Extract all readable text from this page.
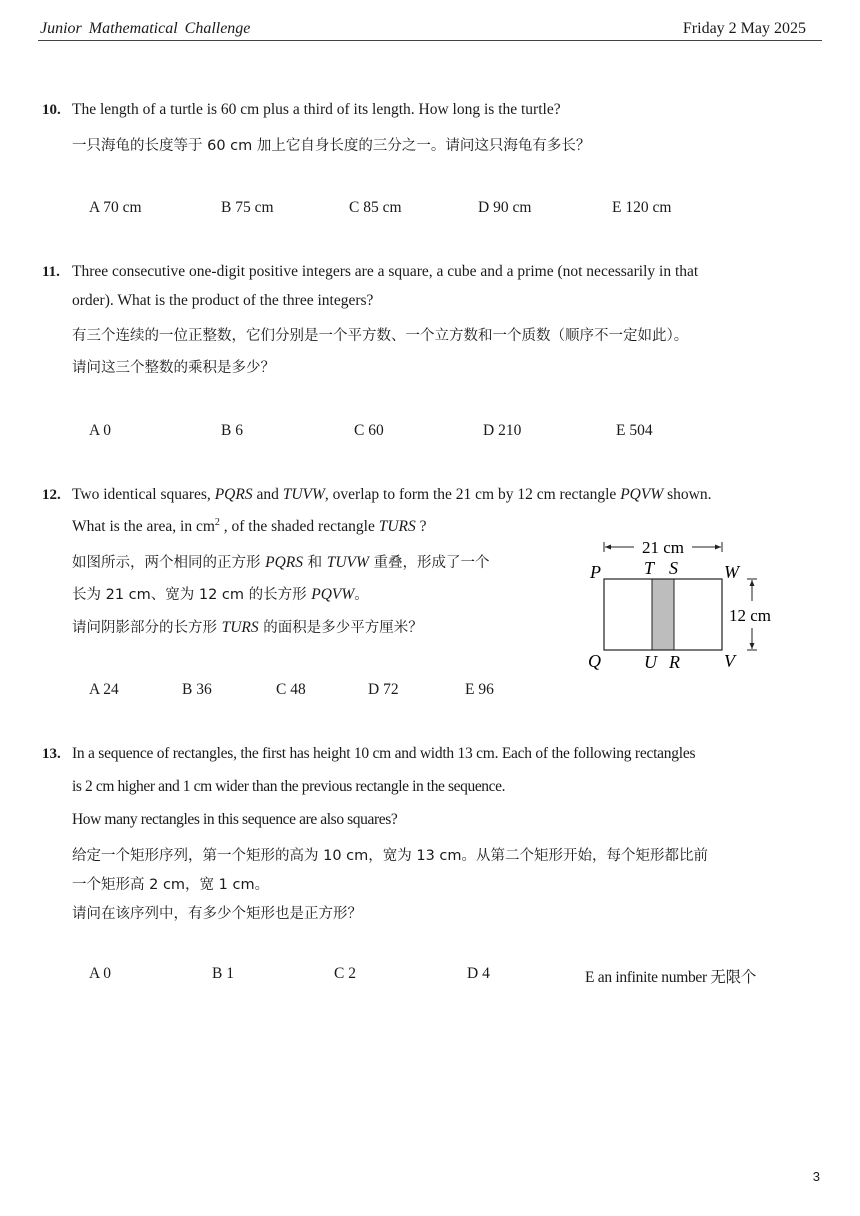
Junior Mathematical Challenge	Friday 2 May 2025
10. The length of a turtle is 60 cm plus a third of its length. How long is the turtle?
一只海龟的长度等于 60 cm 加上它自身长度的三分之一。请问这只海龟有多长？
A 70 cm	B 75 cm	C 85 cm	D 90 cm	E 120 cm
11. Three consecutive one-digit positive integers are a square, a cube and a prime (not necessarily in that
order). What is the product of the three integers?
有三个连续的一位正整数，它们分别是一个平方数、一个立方数和一个质数（顺序不一定如此）。
请问这三个整数的乘积是多少？
A 0	B 6	C 60	D 210	E 504
12. Two identical squares, PQRS and TUVW, overlap to form the 21 cm by 12 cm rectangle PQVW shown.
What is the area, in $cm^2$ , of the shaded rectangle TURS ?
如图所示，两个相同的正方形 PQRS 和 TUVW 重叠，形成了一个
长为 21 cm、宽为 12 cm 的长方形 PQVW。
请问阴影部分的长方形 TURS 的面积是多少平方厘米？
21 cm
12 cm
P T S	W
Q U R V
A 24	B 36	C 48	D 72	E 96
13. In a sequence of rectangles, the first has height 10 cm and width 13 cm. Each of the following rectangles
is 2 cm higher and 1 cm wider than the previous rectangle in the sequence.
How many rectangles in this sequence are also squares?
给定一个矩形序列，第一个矩形的高为 10 cm，宽为 13 cm。从第二个矩形开始，每个矩形都比前
一个矩形高 2 cm，宽 1 cm。
请问在该序列中，有多少个矩形也是正方形？
A 0	B 1	C 2	D 4	E an infinite number 无限个
3
